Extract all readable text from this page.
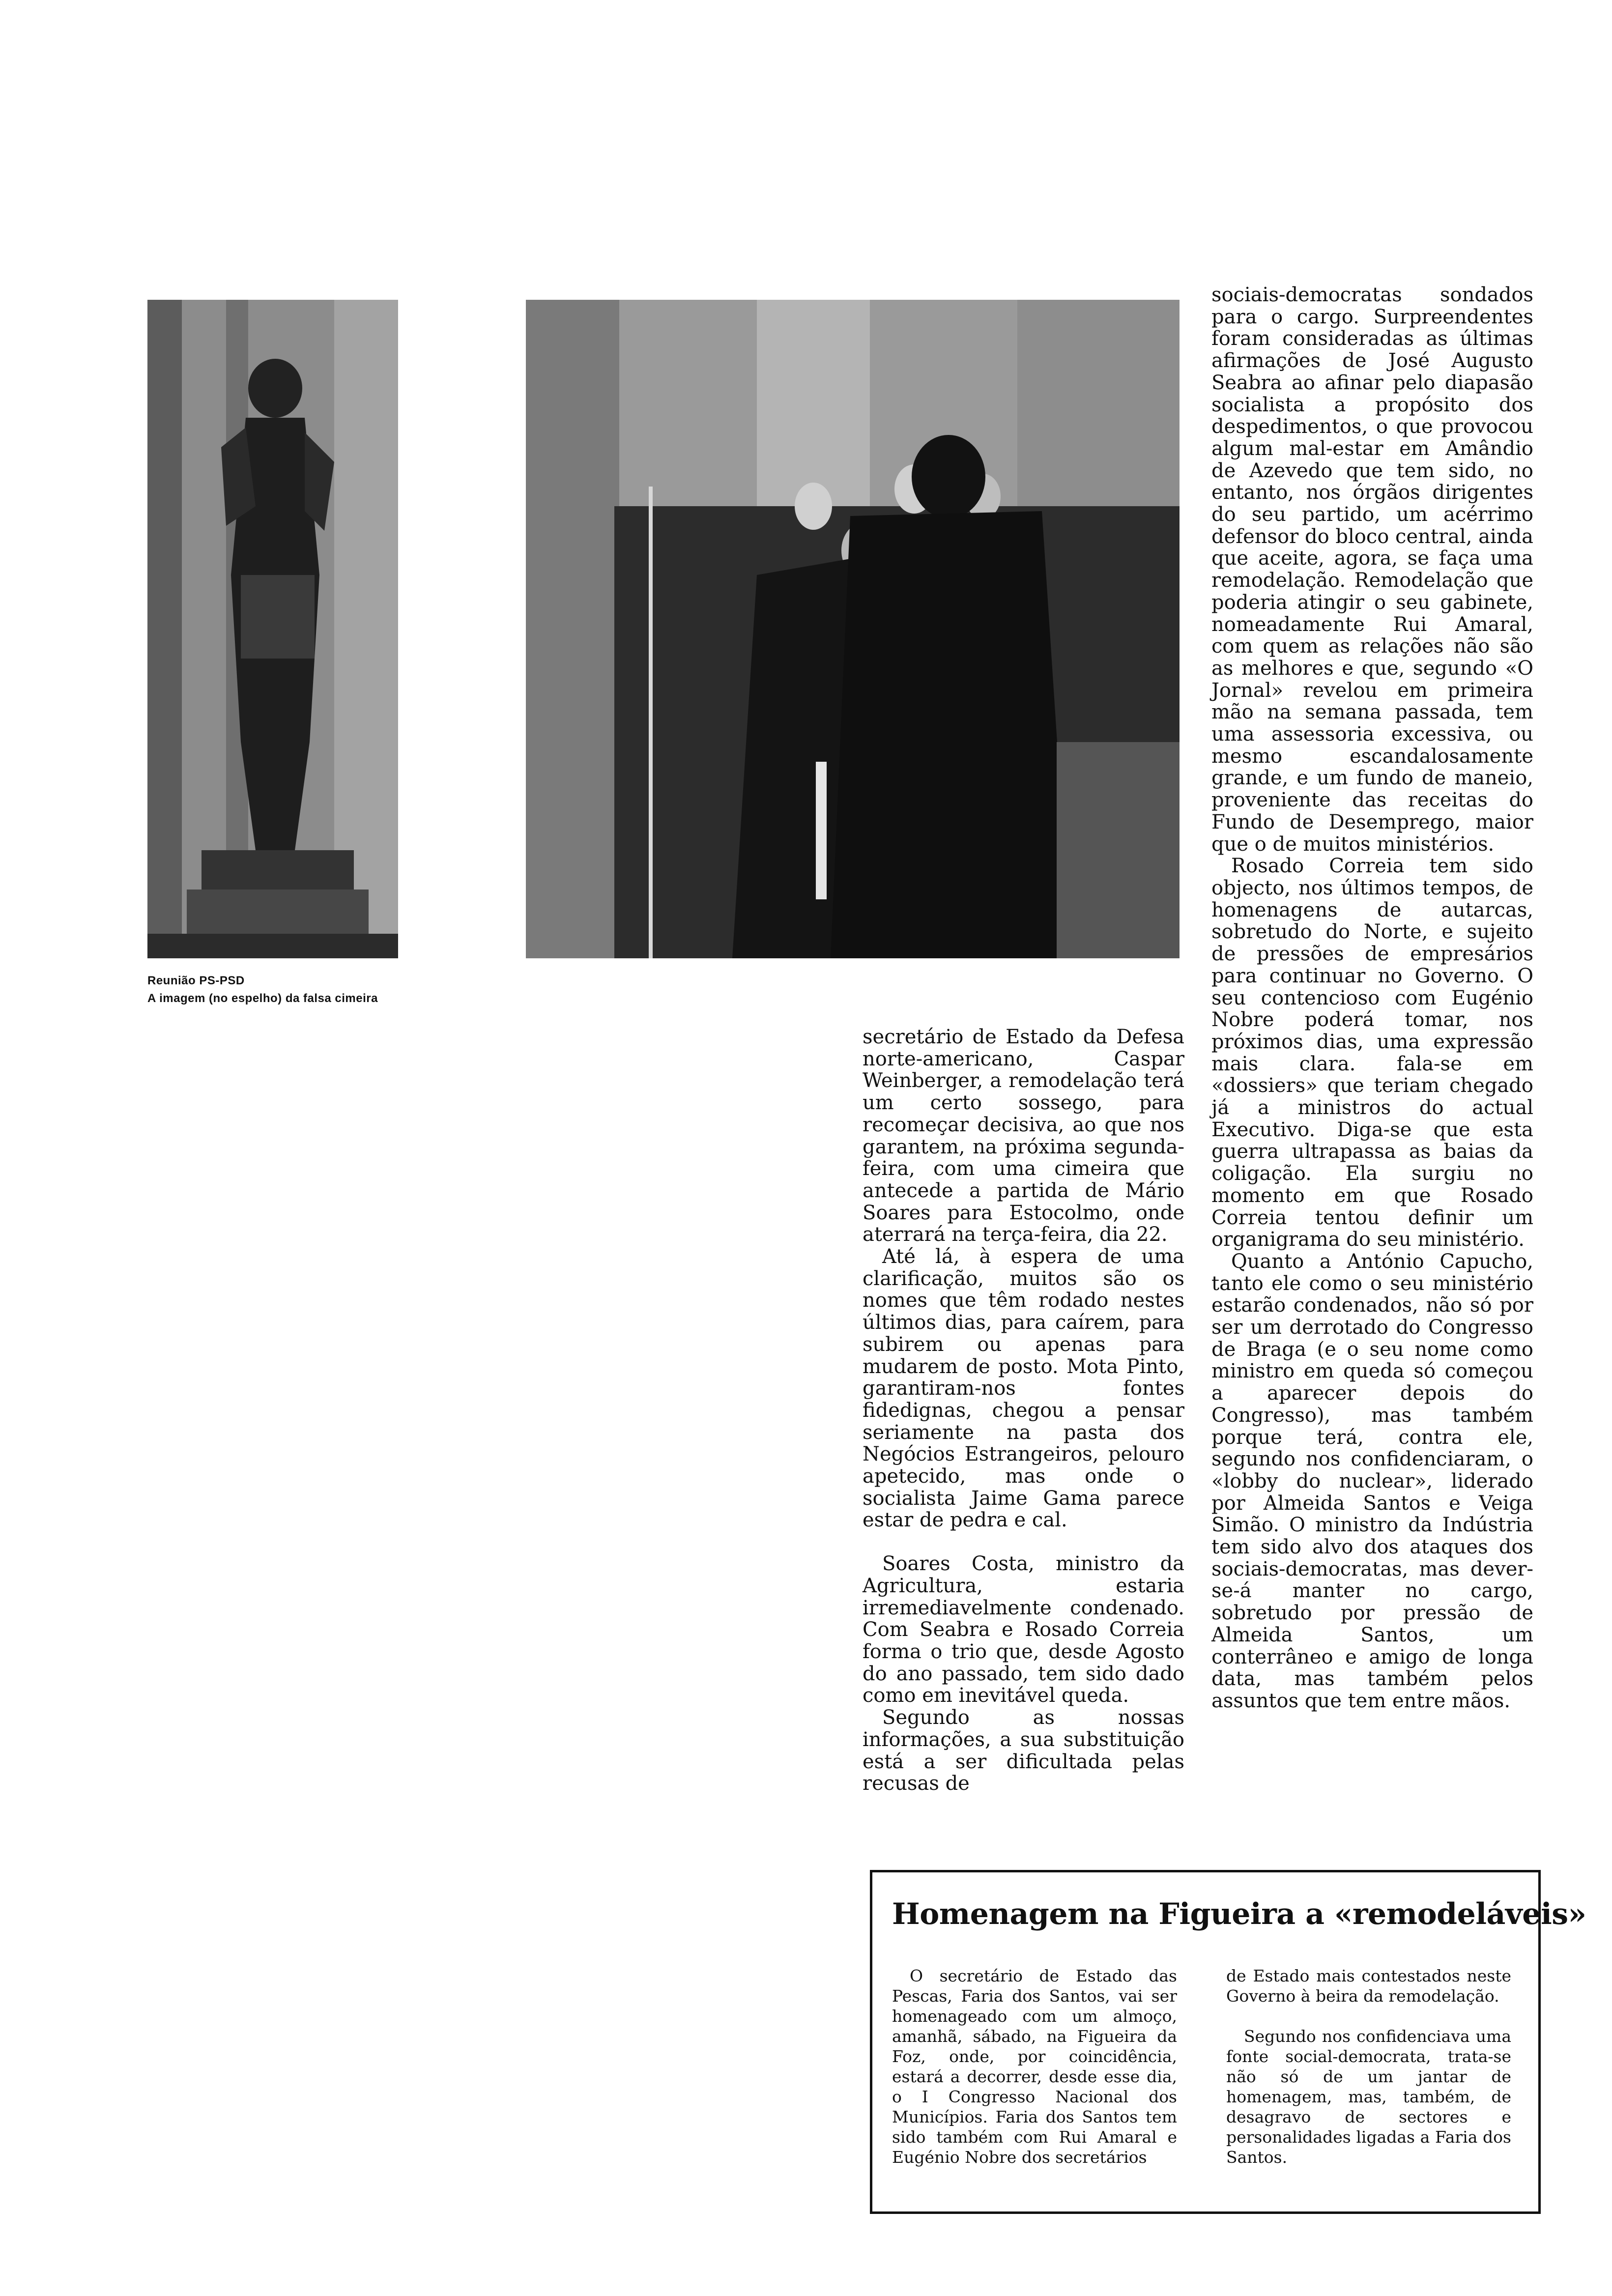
Reunião PS-PSD
A imagem (no espelho) da falsa cimeira

sociais-democratas sondados para o cargo. Surpreendentes foram consideradas as últimas afirmações de José Augusto Seabra ao afinar pelo diapasão socialista a propósito dos despedimentos, o que provocou algum mal-estar em Amândio de Azevedo que tem sido, no entanto, nos órgãos dirigentes do seu partido, um acérrimo defensor do bloco central, ainda que aceite, agora, se faça uma remodelação. Remodelação que poderia atingir o seu gabinete, nomeadamente Rui Amaral, com quem as relações não são as melhores e que, segundo «O Jornal» revelou em primeira mão na semana passada, tem uma assessoria excessiva, ou mesmo escandalosamente grande, e um fundo de maneio, proveniente das receitas do Fundo de Desemprego, maior que o de muitos ministérios.

Rosado Correia tem sido objecto, nos últimos tempos, de homenagens de autarcas, sobretudo do Norte, e sujeito de pressões de empresários para continuar no Governo. O seu contencioso com Eugénio Nobre poderá tomar, nos próximos dias, uma expressão mais clara. fala-se em «dossiers» que teriam chegado já a ministros do actual Executivo. Diga-se que esta guerra ultrapassa as baias da coligação. Ela surgiu no momento em que Rosado Correia tentou definir um organigrama do seu ministério.

Quanto a António Capucho, tanto ele como o seu ministério estarão condenados, não só por ser um derrotado do Congresso de Braga (e o seu nome como ministro em queda só começou a aparecer depois do Congresso), mas também porque terá, contra ele, segundo nos confidenciaram, o «lobby do nuclear», liderado por Almeida Santos e Veiga Simão. O ministro da Indústria tem sido alvo dos ataques dos sociais-democratas, mas dever-se-á manter no cargo, sobretudo por pressão de Almeida Santos, um conterrâneo e amigo de longa data, mas também pelos assuntos que tem entre mãos.

secretário de Estado da Defesa norte-americano, Caspar Weinberger, a remodelação terá um certo sossego, para recomeçar decisiva, ao que nos garantem, na próxima segunda-feira, com uma cimeira que antecede a partida de Mário Soares para Estocolmo, onde aterrará na terça-feira, dia 22.

Até lá, à espera de uma clarificação, muitos são os nomes que têm rodado nestes últimos dias, para caírem, para subirem ou apenas para mudarem de posto. Mota Pinto, garantiram-nos fontes fidedignas, chegou a pensar seriamente na pasta dos Negócios Estrangeiros, pelouro apetecido, mas onde o socialista Jaime Gama parece estar de pedra e cal.

Soares Costa, ministro da Agricultura, estaria irremediavelmente condenado. Com Seabra e Rosado Correia forma o trio que, desde Agosto do ano passado, tem sido dado como em inevitável queda.

Segundo as nossas informações, a sua substituição está a ser dificultada pelas recusas de

Homenagem na Figueira a «remodeláveis»

O secretário de Estado das Pescas, Faria dos Santos, vai ser homenageado com um almoço, amanhã, sábado, na Figueira da Foz, onde, por coincidência, estará a decorrer, desde esse dia, o I Congresso Nacional dos Municípios. Faria dos Santos tem sido também com Rui Amaral e Eugénio Nobre dos secretários

de Estado mais contestados neste Governo à beira da remodelação.

Segundo nos confidenciava uma fonte social-democrata, trata-se não só de um jantar de homenagem, mas, também, de desagravo de sectores e personalidades ligadas a Faria dos Santos.
